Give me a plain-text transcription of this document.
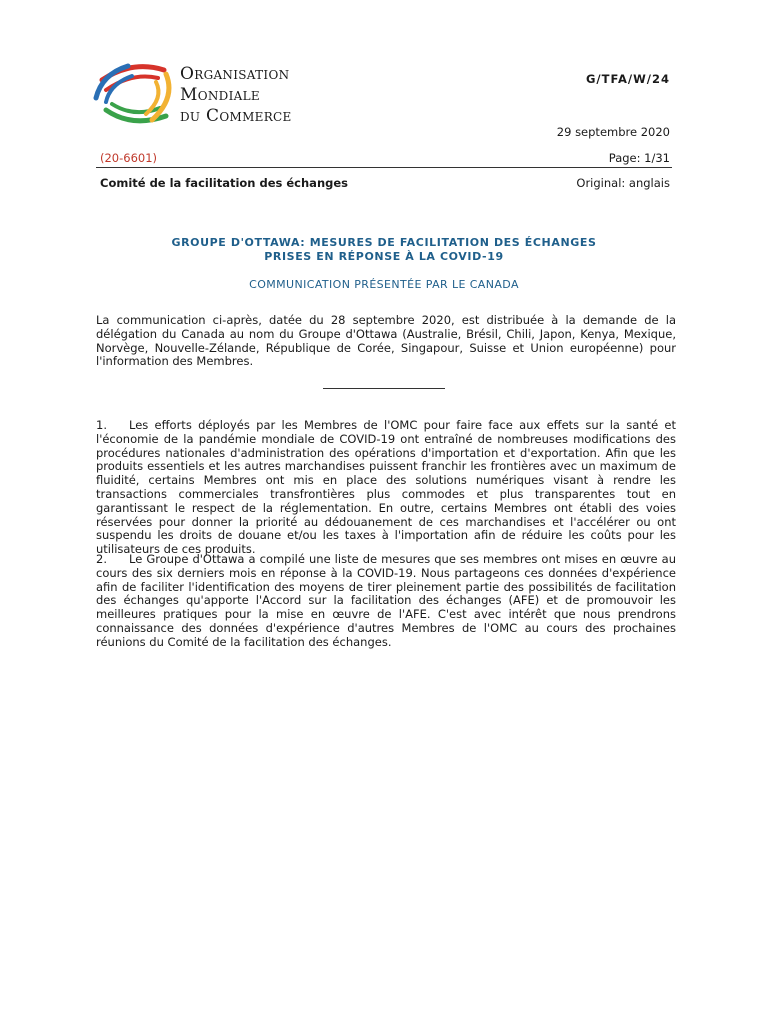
Organisation
Mondiale
du Commerce
G/TFA/W/24
29 septembre 2020
(20-6601)	Page: 1/31
Comité de la facilitation des échanges	Original: anglais
GROUPE D'OTTAWA: MESURES DE FACILITATION DES ÉCHANGES
PRISES EN RÉPONSE À LA COVID-19
COMMUNICATION PRÉSENTÉE PAR LE CANADA
La communication ci-après, datée du 28 septembre 2020, est distribuée à la demande de la délégation du Canada au nom du Groupe d'Ottawa (Australie, Brésil, Chili, Japon, Kenya, Mexique, Norvège, Nouvelle-Zélande, République de Corée, Singapour, Suisse et Union européenne) pour l'information des Membres.
1. Les efforts déployés par les Membres de l'OMC pour faire face aux effets sur la santé et l'économie de la pandémie mondiale de COVID-19 ont entraîné de nombreuses modifications des procédures nationales d'administration des opérations d'importation et d'exportation. Afin que les produits essentiels et les autres marchandises puissent franchir les frontières avec un maximum de fluidité, certains Membres ont mis en place des solutions numériques visant à rendre les transactions commerciales transfrontières plus commodes et plus transparentes tout en garantissant le respect de la réglementation. En outre, certains Membres ont établi des voies réservées pour donner la priorité au dédouanement de ces marchandises et l'accélérer ou ont suspendu les droits de douane et/ou les taxes à l'importation afin de réduire les coûts pour les utilisateurs de ces produits.
2. Le Groupe d'Ottawa a compilé une liste de mesures que ses membres ont mises en œuvre au cours des six derniers mois en réponse à la COVID-19. Nous partageons ces données d'expérience afin de faciliter l'identification des moyens de tirer pleinement partie des possibilités de facilitation des échanges qu'apporte l'Accord sur la facilitation des échanges (AFE) et de promouvoir les meilleures pratiques pour la mise en œuvre de l'AFE. C'est avec intérêt que nous prendrons connaissance des données d'expérience d'autres Membres de l'OMC au cours des prochaines réunions du Comité de la facilitation des échanges.
